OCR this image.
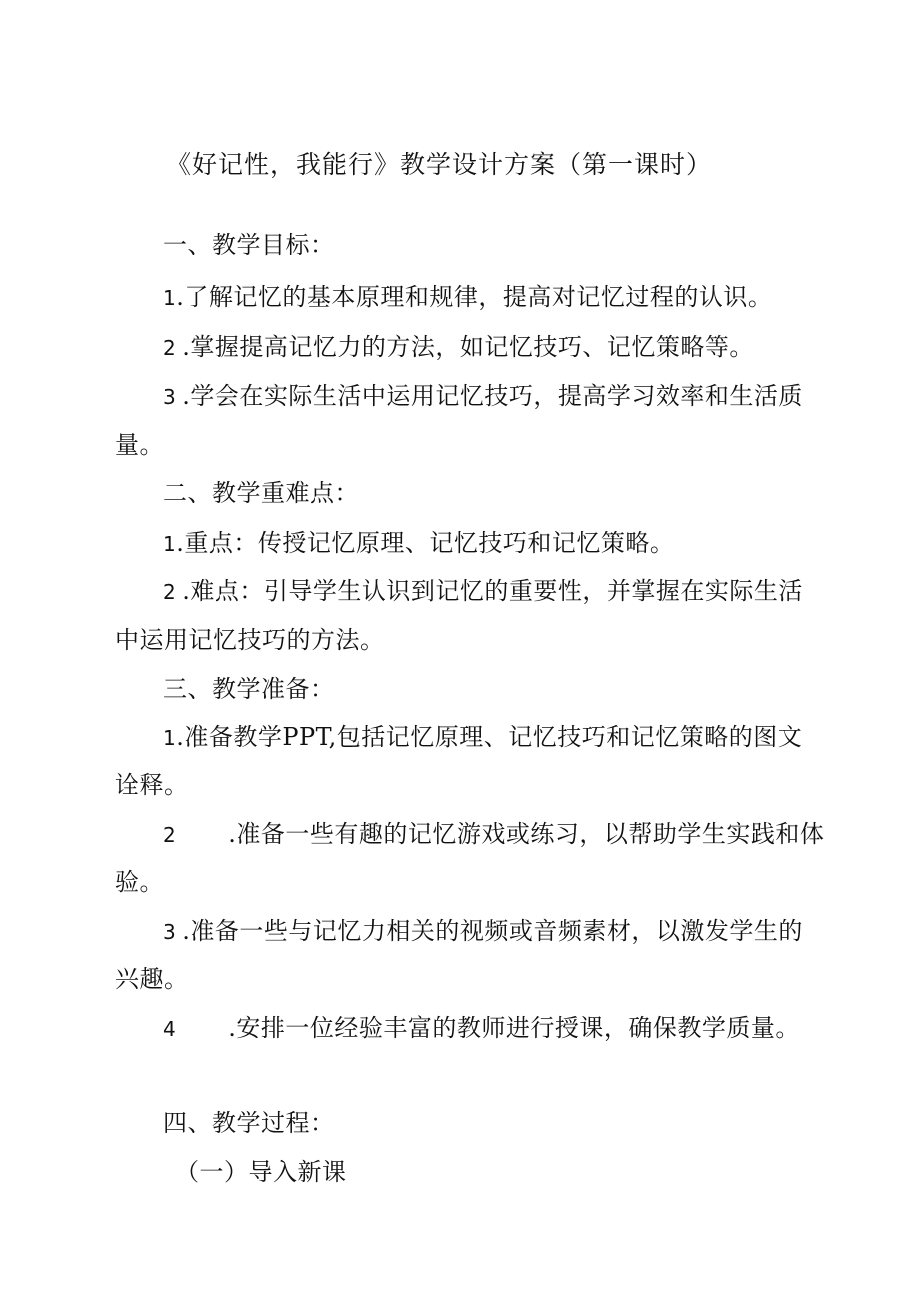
《好记性，我能行》教学设计方案（第一课时）
一、教学目标：
1.了解记忆的基本原理和规律，提高对记忆过程的认识。
2 .掌握提高记忆力的方法，如记忆技巧、记忆策略等。
3 .学会在实际生活中运用记忆技巧，提高学习效率和生活质
量。
二、教学重难点：
1.重点：传授记忆原理、记忆技巧和记忆策略。
2 .难点：引导学生认识到记忆的重要性，并掌握在实际生活
中运用记忆技巧的方法。
三、教学准备：
1.准备教学PPT,包括记忆原理、记忆技巧和记忆策略的图文
诠释。
2 .准备一些有趣的记忆游戏或练习，以帮助学生实践和体
验。
3 .准备一些与记忆力相关的视频或音频素材，以激发学生的
兴趣。
4 .安排一位经验丰富的教师进行授课，确保教学质量。
四、教学过程：
（一）导入新课
